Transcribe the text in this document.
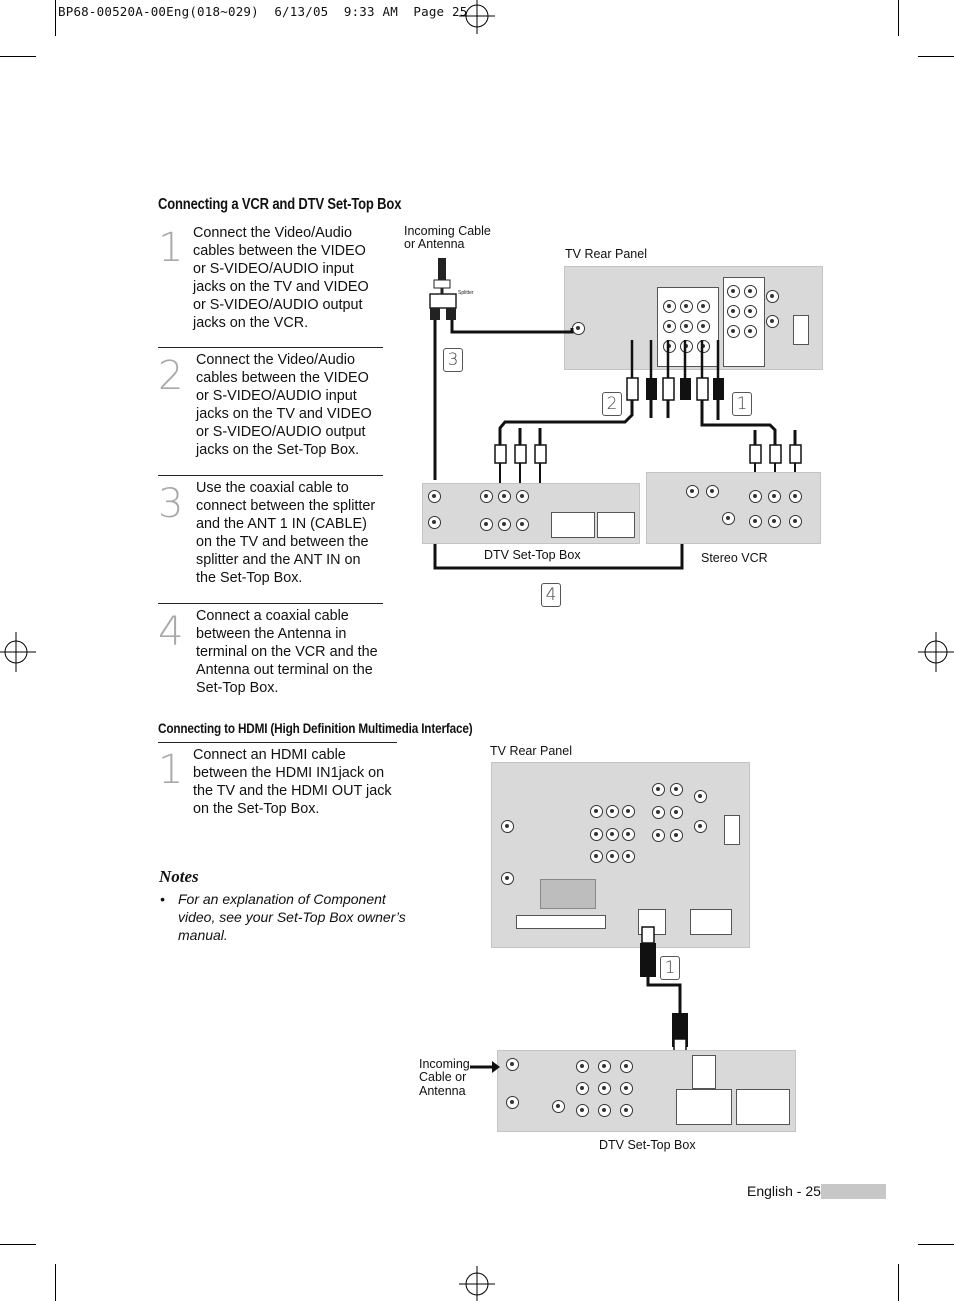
BP68-00520A-00Eng(018~029)  6/13/05  9:33 AM  Page 25
Connecting a VCR and DTV Set-Top Box
1 Connect the Video/Audio cables between the VIDEO or S-VIDEO/AUDIO input jacks on the TV and VIDEO or S-VIDEO/AUDIO output jacks on the VCR.
2 Connect the Video/Audio cables between the VIDEO or S-VIDEO/AUDIO input jacks on the TV and VIDEO or S-VIDEO/AUDIO output jacks on the Set-Top Box.
3 Use the coaxial cable to connect between the splitter and the ANT 1 IN (CABLE) on the TV and between the splitter and the ANT IN on the Set-Top Box.
4 Connect a coaxial cable between the Antenna in terminal on the VCR and the Antenna out terminal on the Set-Top Box.
Incoming Cable
or Antenna
TV Rear Panel
Splitter
3
2	1
4
DTV Set-Top Box	Stereo VCR
Connecting to HDMI (High Definition Multimedia Interface)
1 Connect an HDMI cable between the HDMI IN1jack on the TV and the HDMI OUT jack on the Set-Top Box.
Notes
• For an explanation of Component video, see your Set-Top Box owner’s manual.
TV Rear Panel
1
Incoming
Cable or
Antenna
DTV Set-Top Box
English - 25
